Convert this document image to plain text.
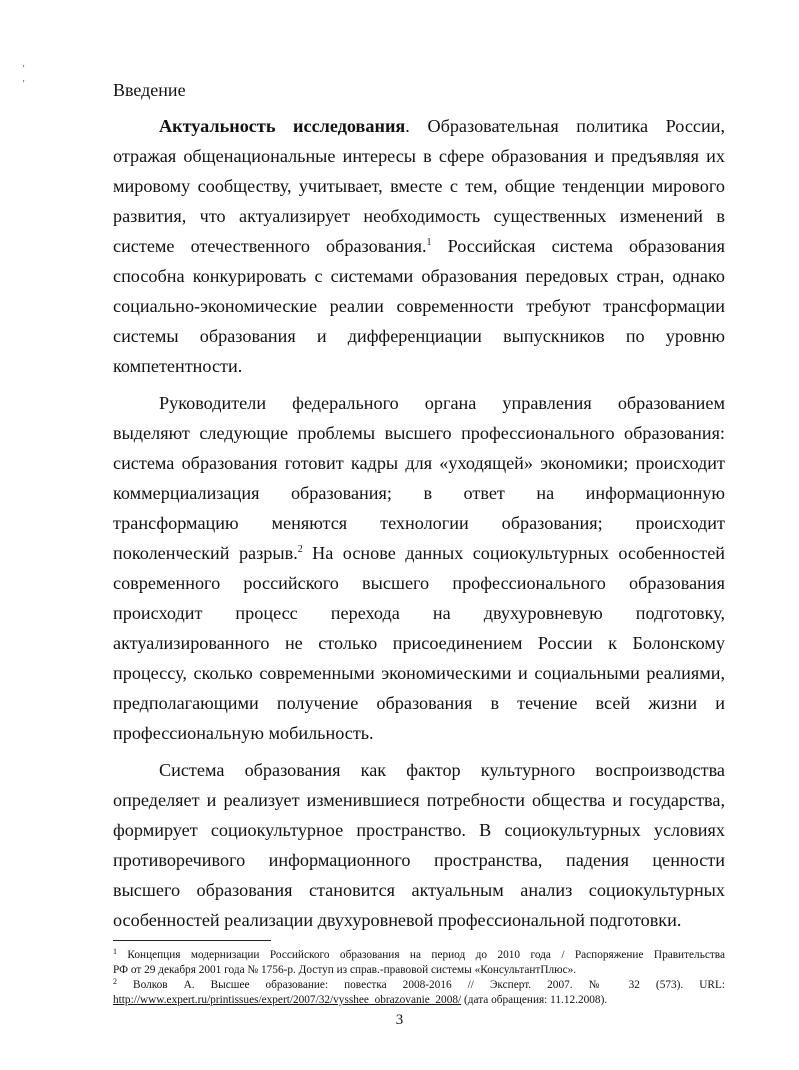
'
'	Введение
Актуальность исследования. Образовательная политика России,
отражая общенациональные интересы в сфере образования и предъявляя их
мировому сообществу, учитывает, вместе с тем, общие тенденции мирового
развития, что актуализирует необходимость существенных изменений в
системе отечественного образования.$^1$ Российская система образования
способна конкурировать с системами образования передовых стран, однако
социально-экономические реалии современности требуют трансформации
системы образования и дифференциации выпускников по уровню
компетентности.
Руководители федерального органа управления образованием
выделяют следующие проблемы высшего профессионального образования:
система образования готовит кадры для «уходящей» экономики; происходит
коммерциализация образования; в ответ на информационную
трансформацию меняются технологии образования; происходит
поколенческий разрыв.$^2$ На основе данных социокультурных особенностей
современного российского высшего профессионального образования
происходит процесс перехода на двухуровневую подготовку,
актуализированного не столько присоединением России к Болонскому
процессу, сколько современными экономическими и социальными реалиями,
предполагающими получение образования в течение всей жизни и
профессиональную мобильность.
Система образования как фактор культурного воспроизводства
определяет и реализует изменившиеся потребности общества и государства,
формирует социокультурное пространство. В социокультурных условиях
противоречивого информационного пространства, падения ценности
высшего образования становится актуальным анализ социокультурных
особенностей реализации двухуровневой профессиональной подготовки.
$^1$ Концепция модернизации Российского образования на период до 2010 года / Распоряжение Правительства
РФ от 29 декабря 2001 года № 1756-р. Доступ из справ.-правовой системы «КонсультантПлюс».
$^2$ Волков А. Высшее образование: повестка 2008-2016 // Эксперт. 2007. № 32 (573). URL:
http://www.expert.ru/printissues/expert/2007/32/vysshee_obrazovanie_2008/ (дата обращения: 11.12.2008).
3
